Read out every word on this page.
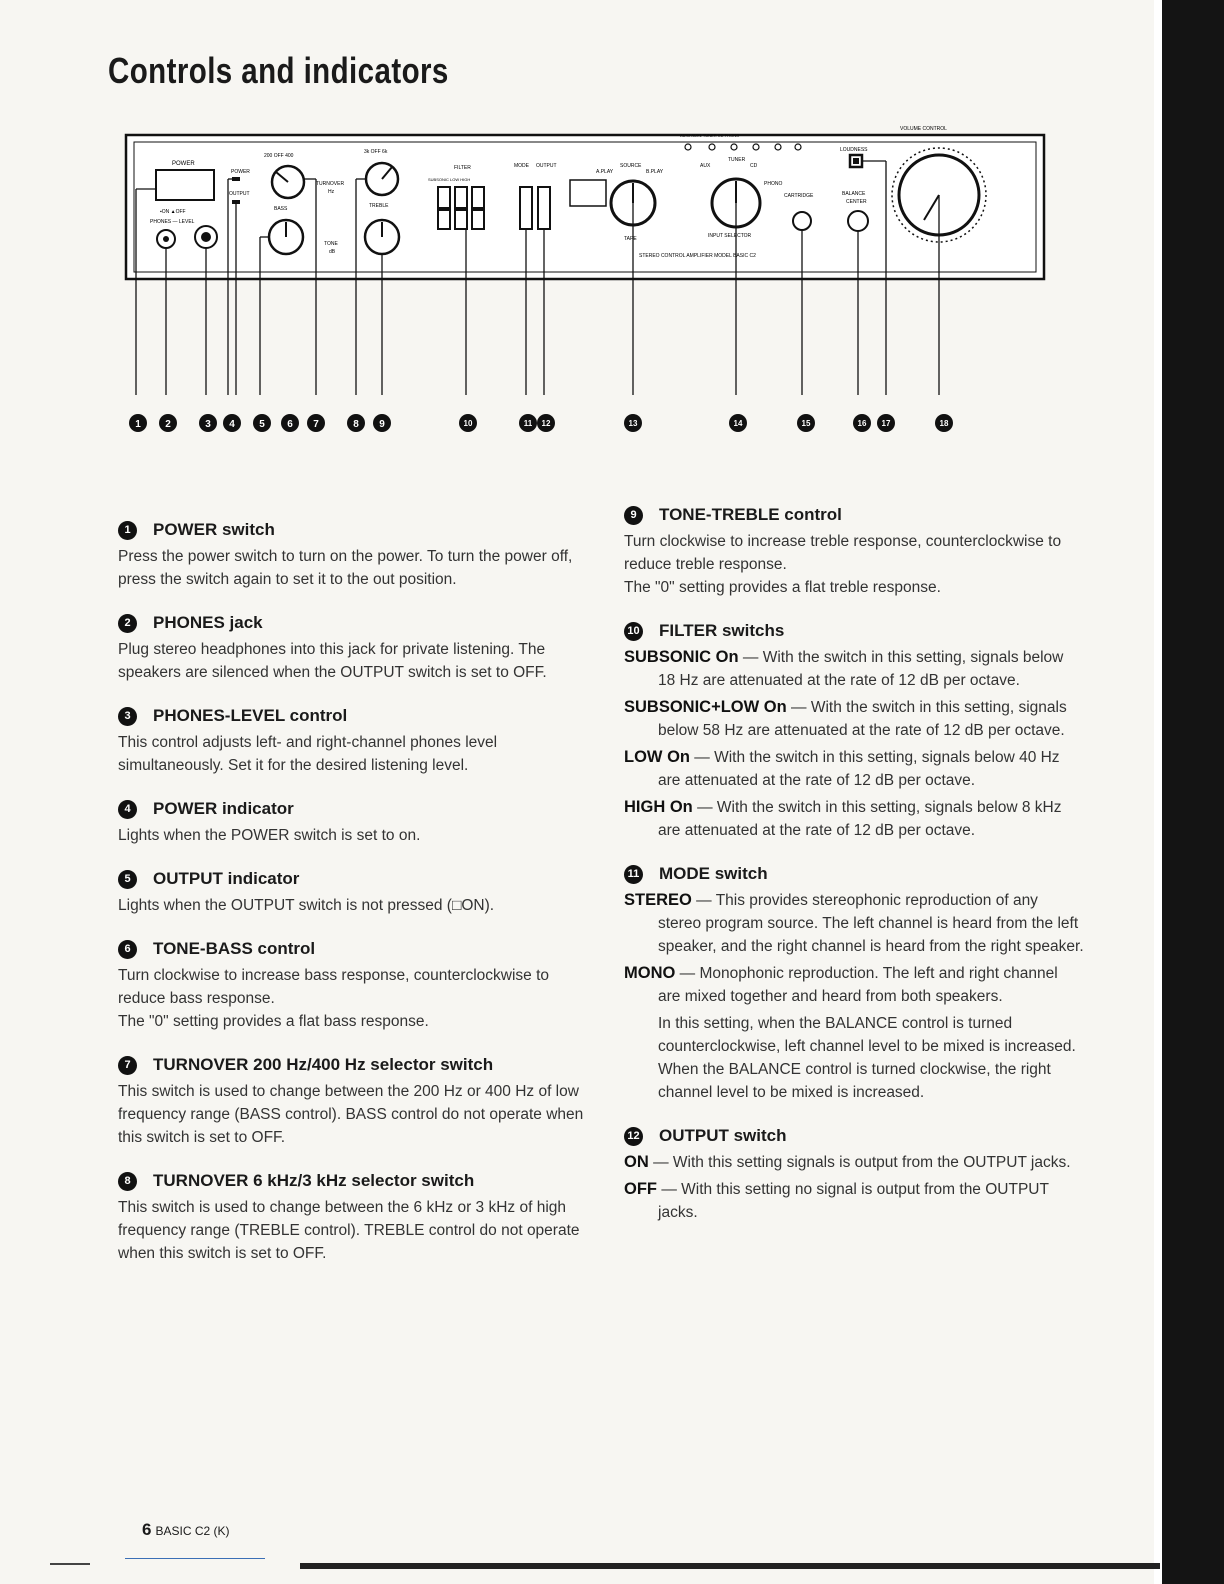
Controls and indicators
POWER
▪ON ▲OFF
PHONES — LEVEL
POWER
OUTPUT
200 OFF 400
TURNOVER
Hz
3k OFF 6k
BASS
TONE
dB
TREBLE
FILTER
SUBSONIC LOW HIGH
MODE OUTPUT
A.PLAY
SOURCE
B.PLAY
TAPE
AUX2 AUX1 TUNER CD PHONO
AUX
TUNER
CD
INPUT SELECTOR
PHONO
CARTRIDGE
STEREO CONTROL AMPLIFIER MODEL BASIC C2
LOUDNESS
BALANCE
CENTER
VOLUME CONTROL
1 2	3 4 5 6 7	8 9	10	11 12	13	14	15	16 17	18
1	POWER switch
Press the power switch to turn on the power. To turn the power off, press the switch again to set it to the out position.
2	PHONES jack
Plug stereo headphones into this jack for private listening. The speakers are silenced when the OUTPUT switch is set to OFF.
3	PHONES-LEVEL control
This control adjusts left- and right-channel phones level simultaneously. Set it for the desired listening level.
4	POWER indicator
Lights when the POWER switch is set to on.
5	OUTPUT indicator
Lights when the OUTPUT switch is not pressed (□ON).
6	TONE-BASS control

Turn clockwise to increase bass response, counterclockwise to reduce bass response.

The "0" setting provides a flat bass response.

7	TURNOVER 200 Hz/400 Hz selector switch
This switch is used to change between the 200 Hz or 400 Hz of low frequency range (BASS control). BASS control do not operate when this switch is set to OFF.
8	TURNOVER 6 kHz/3 kHz selector switch
This switch is used to change between the 6 kHz or 3 kHz of high frequency range (TREBLE control). TREBLE control do not operate when this switch is set to OFF.
9	TONE-TREBLE control

Turn clockwise to increase treble response, counterclockwise to reduce treble response.

The "0" setting provides a flat treble response.

10 FILTER switchs

SUBSONIC On — With the switch in this setting, signals below 18 Hz are attenuated at the rate of 12 dB per octave.

SUBSONIC+LOW On — With the switch in this setting, signals below 58 Hz are attenuated at the rate of 12 dB per octave.

LOW On — With the switch in this setting, signals below 40 Hz are attenuated at the rate of 12 dB per octave.

HIGH On — With the switch in this setting, signals below 8 kHz are attenuated at the rate of 12 dB per octave.

11 MODE switch

STEREO — This provides stereophonic reproduction of any stereo program source. The left channel is heard from the left speaker, and the right channel is heard from the right speaker.

MONO — Monophonic reproduction. The left and right channel are mixed together and heard from both speakers.

In this setting, when the BALANCE control is turned counterclockwise, left channel level to be mixed is increased. When the BALANCE control is turned clockwise, the right channel level to be mixed is increased.

12 OUTPUT switch

ON — With this setting signals is output from the OUTPUT jacks.

OFF — With this setting no signal is output from the OUTPUT jacks.

6 BASIC C2 (K)
